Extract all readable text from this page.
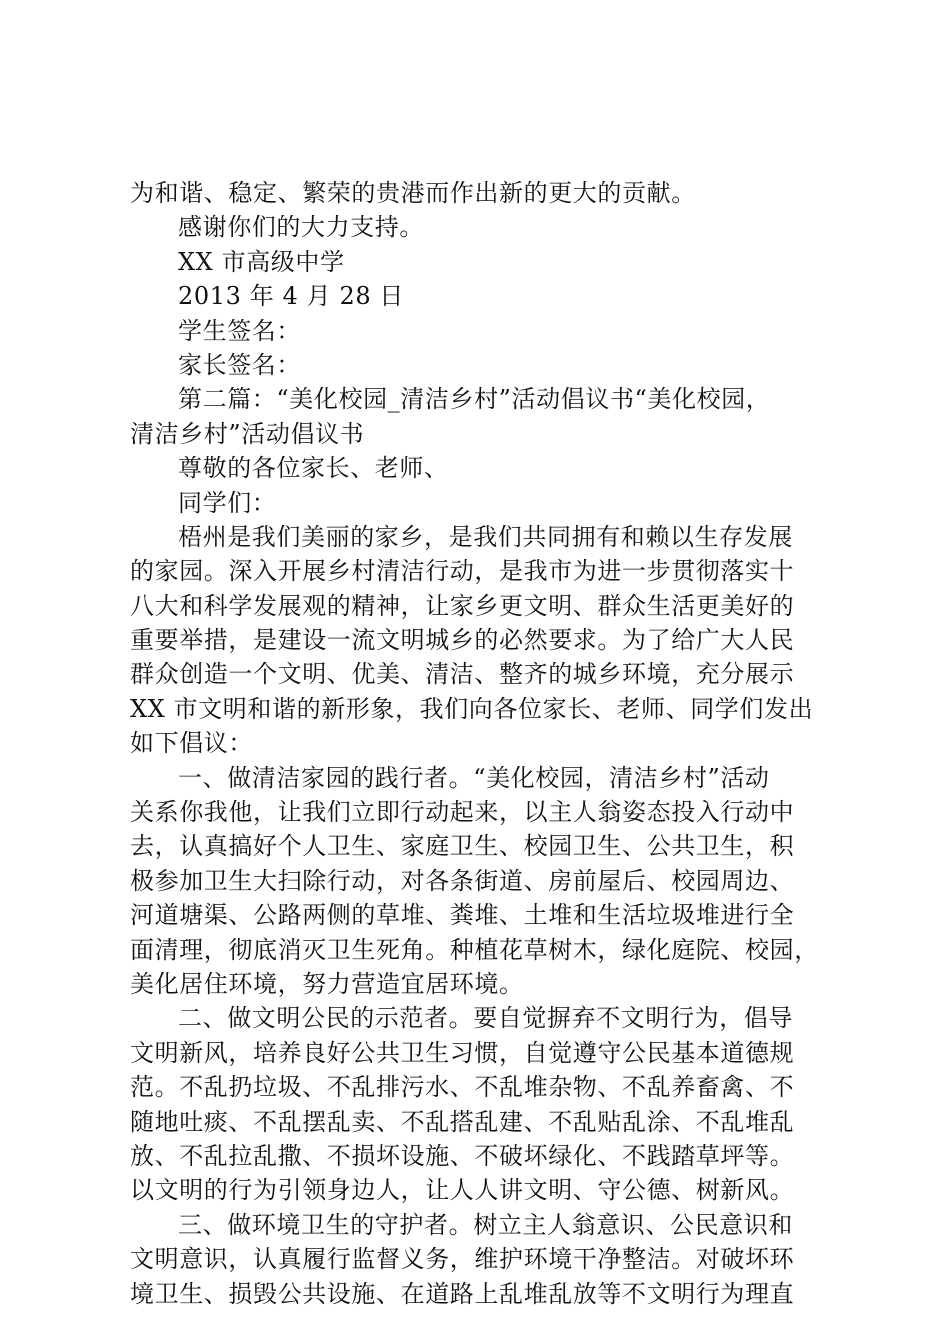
为和谐、稳定、繁荣的贵港而作出新的更大的贡献。
感谢你们的大力支持。
XX 市高级中学
2013 年 4 月 28 日
学生签名：
家长签名：
第二篇：“美化校园_清洁乡村”活动倡议书“美化校园，
清洁乡村”活动倡议书
尊敬的各位家长、老师、
同学们：
梧州是我们美丽的家乡，是我们共同拥有和赖以生存发展
的家园。深入开展乡村清洁行动，是我市为进一步贯彻落实十
八大和科学发展观的精神，让家乡更文明、群众生活更美好的
重要举措，是建设一流文明城乡的必然要求。为了给广大人民
群众创造一个文明、优美、清洁、整齐的城乡环境，充分展示
XX 市文明和谐的新形象，我们向各位家长、老师、同学们发出
如下倡议：
一、做清洁家园的践行者。“美化校园，清洁乡村”活动
关系你我他，让我们立即行动起来，以主人翁姿态投入行动中
去，认真搞好个人卫生、家庭卫生、校园卫生、公共卫生，积
极参加卫生大扫除行动，对各条街道、房前屋后、校园周边、
河道塘渠、公路两侧的草堆、粪堆、土堆和生活垃圾堆进行全
面清理，彻底消灭卫生死角。种植花草树木，绿化庭院、校园，
美化居住环境，努力营造宜居环境。
二、做文明公民的示范者。要自觉摒弃不文明行为，倡导
文明新风，培养良好公共卫生习惯，自觉遵守公民基本道德规
范。不乱扔垃圾、不乱排污水、不乱堆杂物、不乱养畜禽、不
随地吐痰、不乱摆乱卖、不乱搭乱建、不乱贴乱涂、不乱堆乱
放、不乱拉乱撒、不损坏设施、不破坏绿化、不践踏草坪等。
以文明的行为引领身边人，让人人讲文明、守公德、树新风。
三、做环境卫生的守护者。树立主人翁意识、公民意识和
文明意识，认真履行监督义务，维护环境干净整洁。对破坏环
境卫生、损毁公共设施、在道路上乱堆乱放等不文明行为理直
